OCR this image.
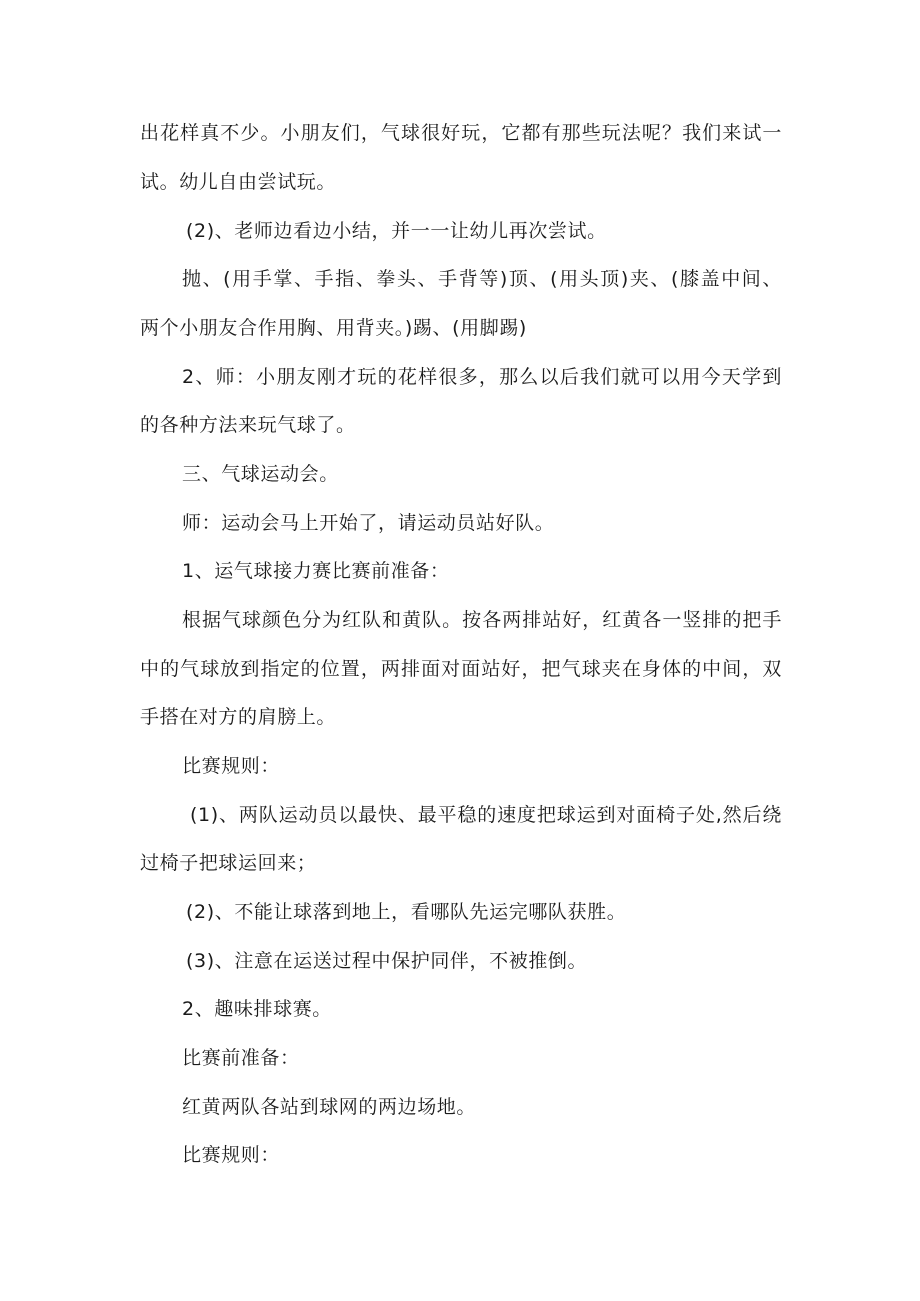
出花样真不少。小朋友们，气球很好玩，它都有那些玩法呢？我们来试一
试。幼儿自由尝试玩。
(2)、老师边看边小结，并一一让幼儿再次尝试。
抛、(用手掌、手指、拳头、手背等)顶、(用头顶)夹、(膝盖中间、
两个小朋友合作用胸、用背夹。)踢、(用脚踢)
2、师：小朋友刚才玩的花样很多，那么以后我们就可以用今天学到
的各种方法来玩气球了。
三、气球运动会。
师：运动会马上开始了，请运动员站好队。
1、运气球接力赛比赛前准备：
根据气球颜色分为红队和黄队。按各两排站好，红黄各一竖排的把手
中的气球放到指定的位置，两排面对面站好，把气球夹在身体的中间，双
手搭在对方的肩膀上。
比赛规则：
(1)、两队运动员以最快、最平稳的速度把球运到对面椅子处,然后绕
过椅子把球运回来；
(2)、不能让球落到地上，看哪队先运完哪队获胜。
(3)、注意在运送过程中保护同伴，不被推倒。
2、趣味排球赛。
比赛前准备：
红黄两队各站到球网的两边场地。
比赛规则：
